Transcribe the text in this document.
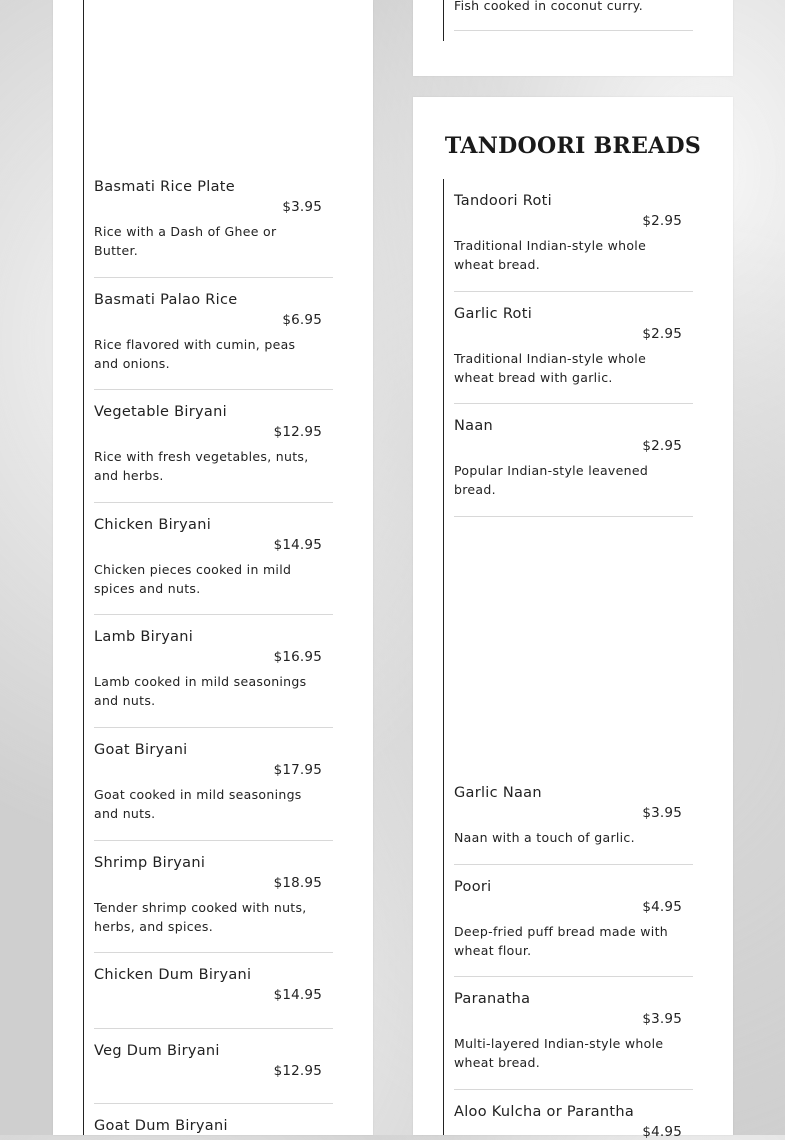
Basmati Rice Plate
$3.95
Rice with a Dash of Ghee or Butter.
Basmati Palao Rice
$6.95
Rice flavored with cumin, peas and onions.
Vegetable Biryani
$12.95
Rice with fresh vegetables, nuts, and herbs.
Chicken Biryani
$14.95
Chicken pieces cooked in mild spices and nuts.
Lamb Biryani
$16.95
Lamb cooked in mild seasonings and nuts.
Goat Biryani
$17.95
Goat cooked in mild seasonings and nuts.
Shrimp Biryani
$18.95
Tender shrimp cooked with nuts, herbs, and spices.
Chicken Dum Biryani
$14.95
Veg Dum Biryani
$12.95
Goat Dum Biryani
Fish cooked in coconut curry.
TANDOORI BREADS
Tandoori Roti
$2.95
Traditional Indian-style whole wheat bread.
Garlic Roti
$2.95
Traditional Indian-style whole wheat bread with garlic.
Naan
$2.95
Popular Indian-style leavened bread.
Garlic Naan
$3.95
Naan with a touch of garlic.
Poori
$4.95
Deep-fried puff bread made with wheat flour.
Paranatha
$3.95
Multi-layered Indian-style whole wheat bread.
Aloo Kulcha or Parantha
$4.95
